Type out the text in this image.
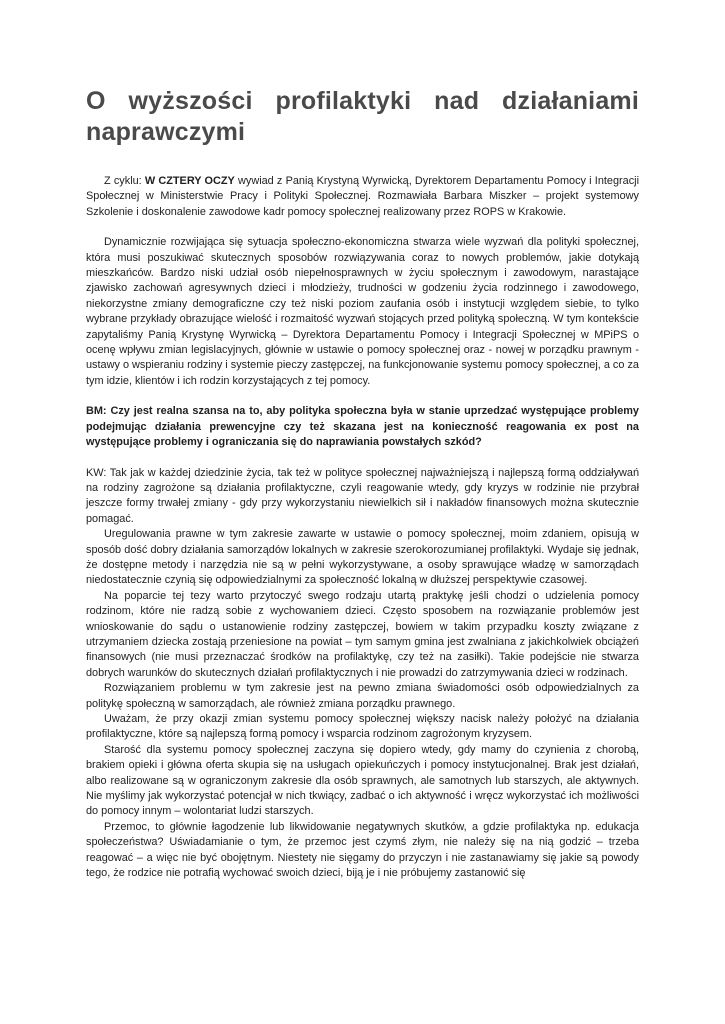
O wyższości profilaktyki nad działaniami naprawczymi

Z cyklu: W CZTERY OCZY wywiad z Panią Krystyną Wyrwicką, Dyrektorem Departamentu Pomocy i Integracji Społecznej w Ministerstwie Pracy i Polityki Społecznej. Rozmawiała Barbara Miszker – projekt systemowy Szkolenie i doskonalenie zawodowe kadr pomocy społecznej realizowany przez ROPS w Krakowie.

Dynamicznie rozwijająca się sytuacja społeczno-ekonomiczna stwarza wiele wyzwań dla polityki społecznej, która musi poszukiwać skutecznych sposobów rozwiązywania coraz to nowych problemów, jakie dotykają mieszkańców. Bardzo niski udział osób niepełnosprawnych w życiu społecznym i zawodowym, narastające zjawisko zachowań agresywnych dzieci i młodzieży, trudności w godzeniu życia rodzinnego i zawodowego, niekorzystne zmiany demograficzne czy też niski poziom zaufania osób i instytucji względem siebie, to tylko wybrane przykłady obrazujące wielość i rozmaitość wyzwań stojących przed polityką społeczną. W tym kontekście zapytaliśmy Panią Krystynę Wyrwicką – Dyrektora Departamentu Pomocy i Integracji Społecznej w MPiPS o ocenę wpływu zmian legislacyjnych, głównie w ustawie o pomocy społecznej oraz - nowej w porządku prawnym - ustawy o wspieraniu rodziny i systemie pieczy zastępczej, na funkcjonowanie systemu pomocy społecznej, a co za tym idzie, klientów i ich rodzin korzystających z tej pomocy.

BM: Czy jest realna szansa na to, aby polityka społeczna była w stanie uprzedzać występujące problemy podejmując działania prewencyjne czy też skazana jest na konieczność reagowania ex post na występujące problemy i ograniczania się do naprawiania powstałych szkód?

KW: Tak jak w każdej dziedzinie życia, tak też w polityce społecznej najważniejszą i najlepszą formą oddziaływań na rodziny zagrożone są działania profilaktyczne, czyli reagowanie wtedy, gdy kryzys w rodzinie nie przybrał jeszcze formy trwałej zmiany - gdy przy wykorzystaniu niewielkich sił i nakładów finansowych można skutecznie pomagać.

Uregulowania prawne w tym zakresie zawarte w ustawie o pomocy społecznej, moim zdaniem, opisują w sposób dość dobry działania samorządów lokalnych w zakresie szerokorozumianej profilaktyki. Wydaje się jednak, że dostępne metody i narzędzia nie są w pełni wykorzystywane, a osoby sprawujące władzę w samorządach niedostatecznie czynią się odpowiedzialnymi za społeczność lokalną w dłuższej perspektywie czasowej.

Na poparcie tej tezy warto przytoczyć swego rodzaju utartą praktykę jeśli chodzi o udzielenia pomocy rodzinom, które nie radzą sobie z wychowaniem dzieci. Często sposobem na rozwiązanie problemów jest wnioskowanie do sądu o ustanowienie rodziny zastępczej, bowiem w takim przypadku koszty związane z utrzymaniem dziecka zostają przeniesione na powiat – tym samym gmina jest zwalniana z jakichkolwiek obciążeń finansowych (nie musi przeznaczać środków na profilaktykę, czy też na zasiłki). Takie podejście nie stwarza dobrych warunków do skutecznych działań profilaktycznych i nie prowadzi do zatrzymywania dzieci w rodzinach.

Rozwiązaniem problemu w tym zakresie jest na pewno zmiana świadomości osób odpowiedzialnych za politykę społeczną w samorządach, ale również zmiana porządku prawnego.

Uważam, że przy okazji zmian systemu pomocy społecznej większy nacisk należy położyć na działania profilaktyczne, które są najlepszą formą pomocy i wsparcia rodzinom zagrożonym kryzysem.

Starość dla systemu pomocy społecznej zaczyna się dopiero wtedy, gdy mamy do czynienia z chorobą, brakiem opieki i główna oferta skupia się na usługach opiekuńczych i pomocy instytucjonalnej. Brak jest działań, albo realizowane są w ograniczonym zakresie dla osób sprawnych, ale samotnych lub starszych, ale aktywnych. Nie myślimy jak wykorzystać potencjał w nich tkwiący, zadbać o ich aktywność i wręcz wykorzystać ich możliwości do pomocy innym – wolontariat ludzi starszych.

Przemoc, to głównie łagodzenie lub likwidowanie negatywnych skutków, a gdzie profilaktyka np. edukacja społeczeństwa? Uświadamianie o tym, że przemoc jest czymś złym, nie należy się na nią godzić – trzeba reagować – a więc nie być obojętnym. Niestety nie sięgamy do przyczyn i nie zastanawiamy się jakie są powody tego, że rodzice nie potrafią wychować swoich dzieci, biją je i nie próbujemy zastanowić się
